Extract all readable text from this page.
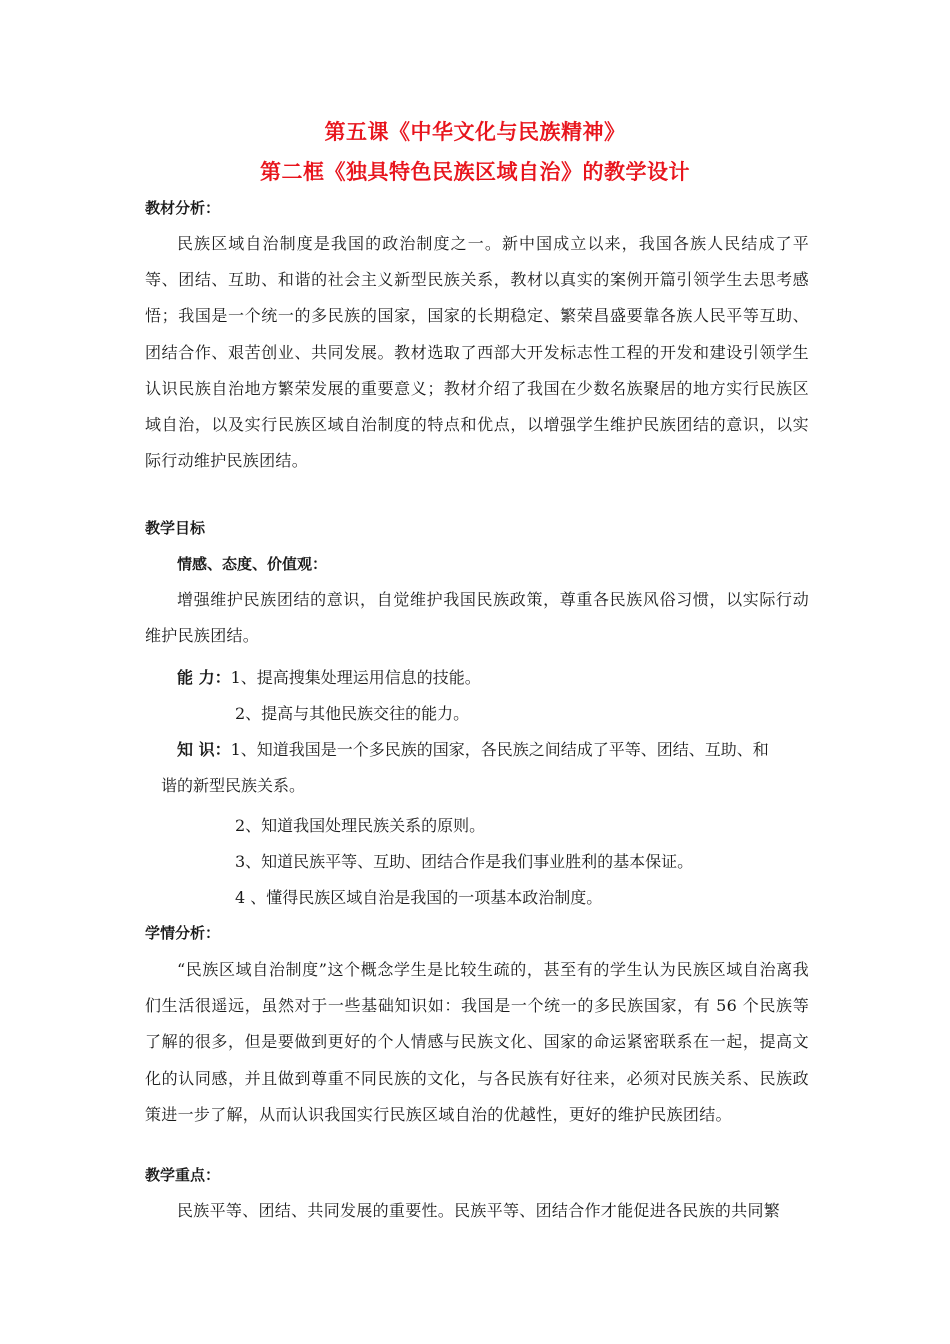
第五课《中华文化与民族精神》
第二框《独具特色民族区域自治》的教学设计
教材分析：
民族区域自治制度是我国的政治制度之一。新中国成立以来，我国各族人民结成了平等、团结、互助、和谐的社会主义新型民族关系，教材以真实的案例开篇引领学生去思考感悟；我国是一个统一的多民族的国家，国家的长期稳定、繁荣昌盛要靠各族人民平等互助、团结合作、艰苦创业、共同发展。教材选取了西部大开发标志性工程的开发和建设引领学生认识民族自治地方繁荣发展的重要意义；教材介绍了我国在少数名族聚居的地方实行民族区域自治，以及实行民族区域自治制度的特点和优点，以增强学生维护民族团结的意识，以实际行动维护民族团结。
教学目标
情感、态度、价值观：
增强维护民族团结的意识，自觉维护我国民族政策，尊重各民族风俗习惯，以实际行动维护民族团结。
能 力：1、提高搜集处理运用信息的技能。
2、提高与其他民族交往的能力。
知 识：1、知道我国是一个多民族的国家，各民族之间结成了平等、团结、互助、和
谐的新型民族关系。
2、知道我国处理民族关系的原则。
3、知道民族平等、互助、团结合作是我们事业胜利的基本保证。
4 、懂得民族区域自治是我国的一项基本政治制度。
学情分析：
“民族区域自治制度”这个概念学生是比较生疏的，甚至有的学生认为民族区域自治离我们生活很遥远，虽然对于一些基础知识如：我国是一个统一的多民族国家，有 56 个民族等了解的很多，但是要做到更好的个人情感与民族文化、国家的命运紧密联系在一起，提高文化的认同感，并且做到尊重不同民族的文化，与各民族有好往来，必须对民族关系、民族政策进一步了解，从而认识我国实行民族区域自治的优越性，更好的维护民族团结。
教学重点：
民族平等、团结、共同发展的重要性。民族平等、团结合作才能促进各民族的共同繁
